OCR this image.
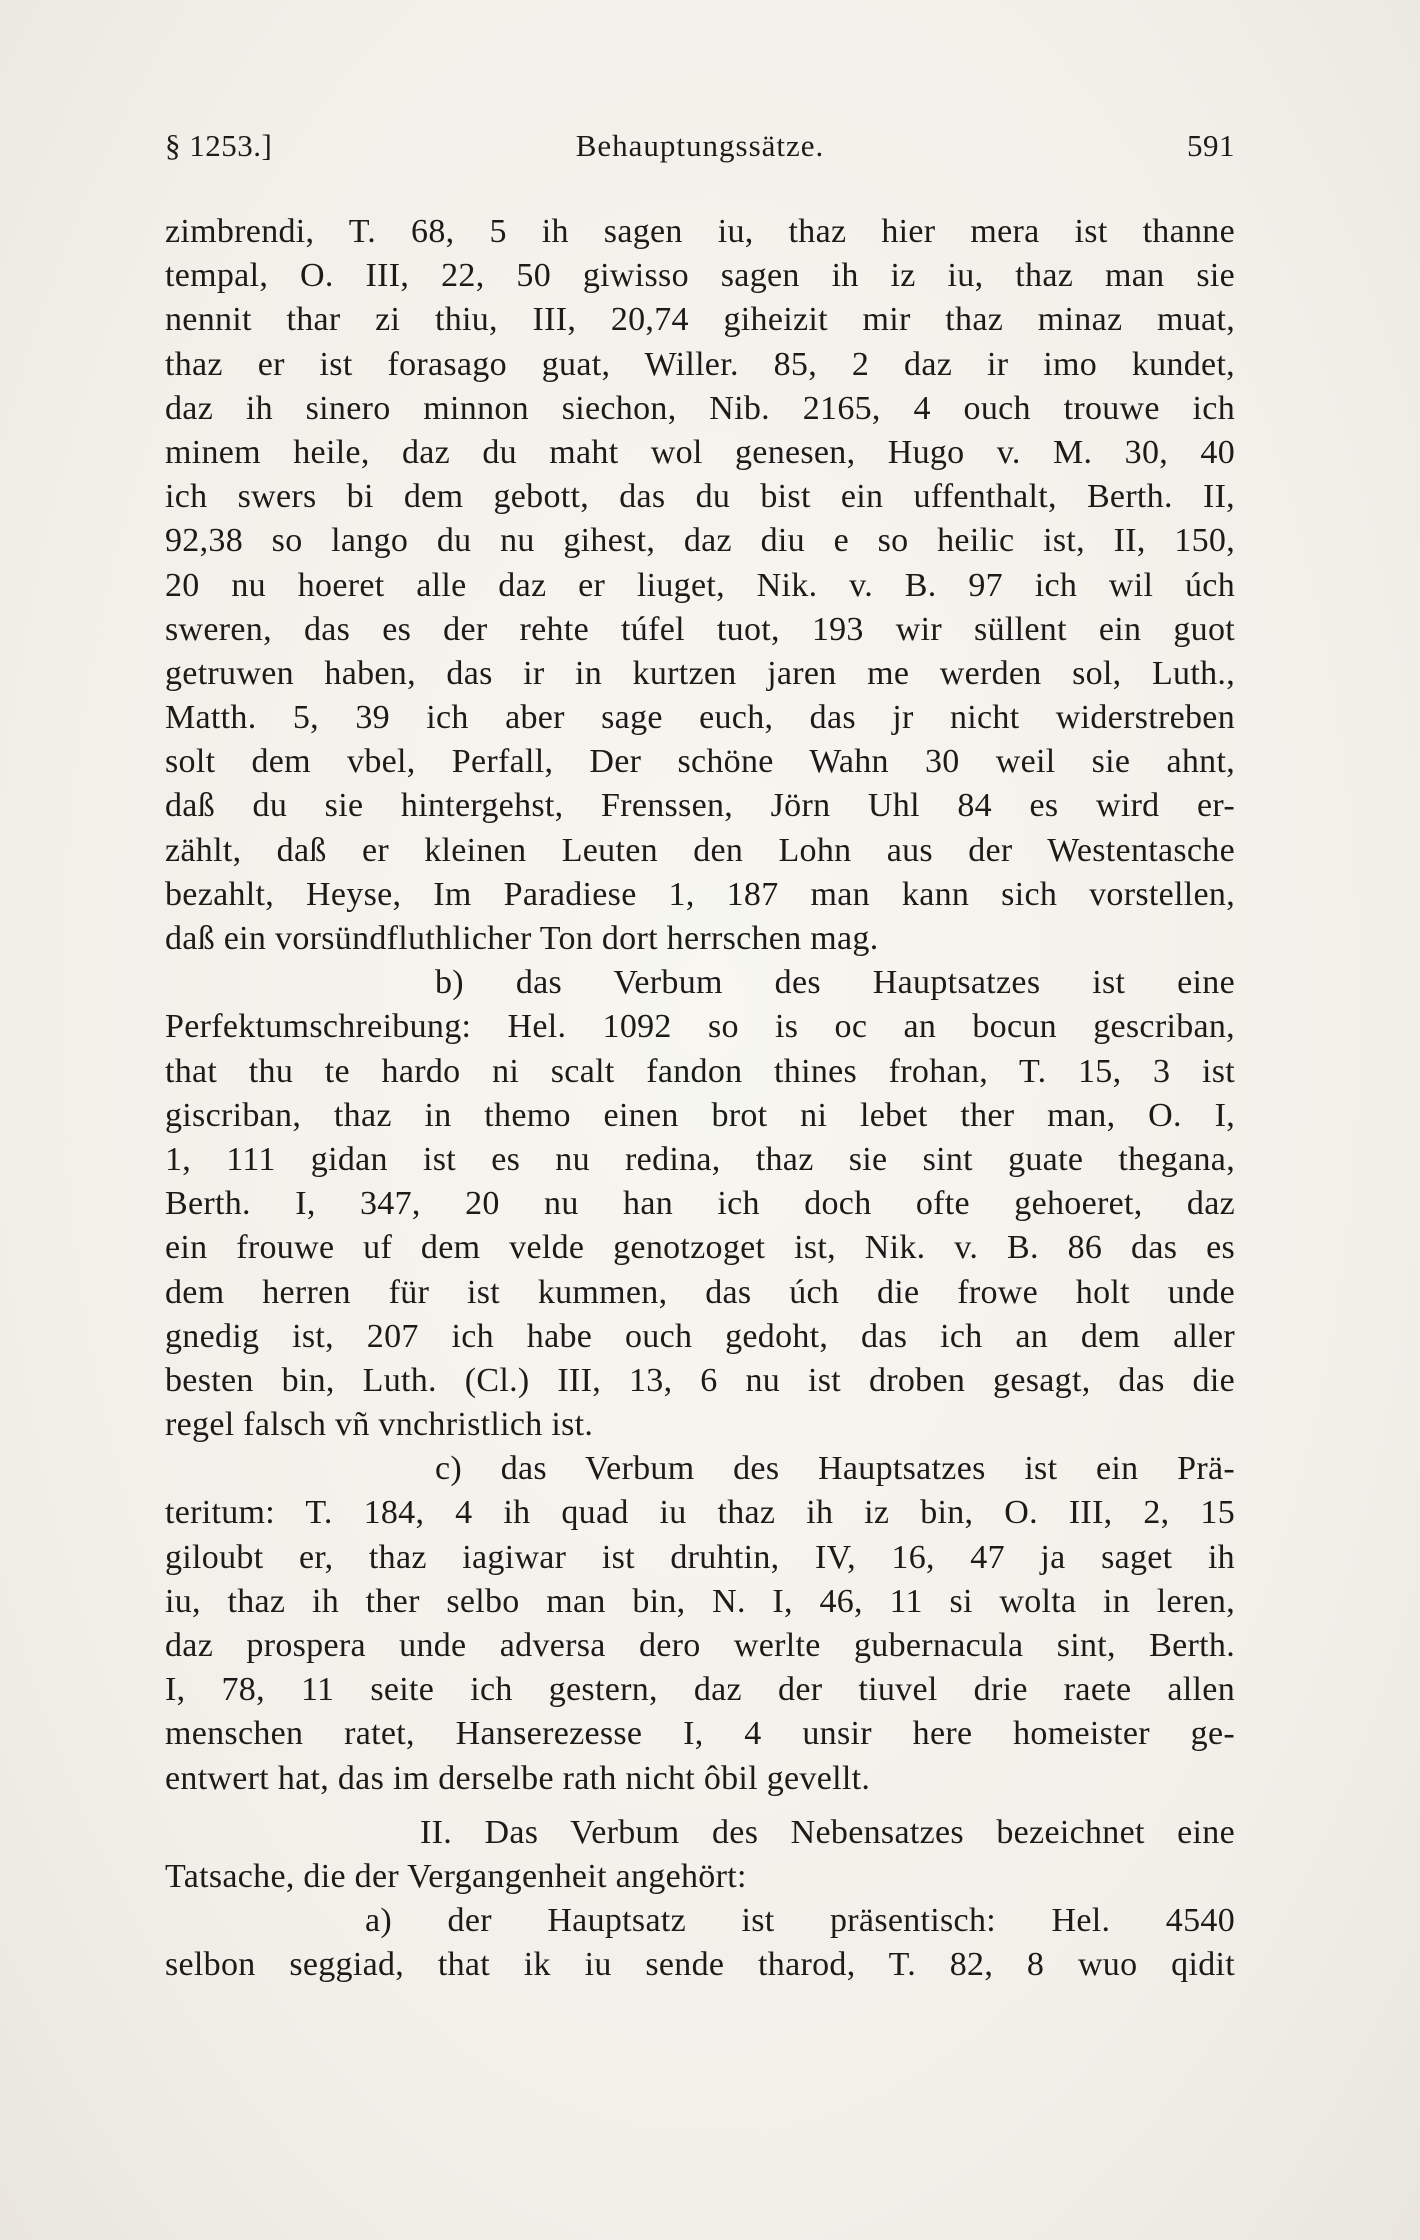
§ 1253.]	Behauptungssätze.	591
zimbrendi, T. 68, 5 ih sagen iu, thaz hier mera ist thanne
tempal, O. III, 22, 50 giwisso sagen ih iz iu, thaz man sie
nennit thar zi thiu, III, 20,74 giheizit mir thaz minaz muat,
thaz er ist forasago guat, Willer. 85, 2 daz ir imo kundet,
daz ih sinero minnon siechon, Nib. 2165, 4 ouch trouwe ich
minem heile, daz du maht wol genesen, Hugo v. M. 30, 40
ich swers bi dem gebott, das du bist ein uffenthalt, Berth. II,
92,38 so lango du nu gihest, daz diu e so heilic ist, II, 150,
20 nu hoeret alle daz er liuget, Nik. v. B. 97 ich wil úch
sweren, das es der rehte túfel tuot, 193 wir süllent ein guot
getruwen haben, das ir in kurtzen jaren me werden sol, Luth.,
Matth. 5, 39 ich aber sage euch, das jr nicht widerstreben
solt dem vbel, Perfall, Der schöne Wahn 30 weil sie ahnt,
daß du sie hintergehst, Frenssen, Jörn Uhl 84 es wird er-
zählt, daß er kleinen Leuten den Lohn aus der Westentasche
bezahlt, Heyse, Im Paradiese 1, 187 man kann sich vorstellen,
daß ein vorsündfluthlicher Ton dort herrschen mag.
b) das Verbum des Hauptsatzes ist eine
Perfektumschreibung: Hel. 1092 so is oc an bocun gescriban,
that thu te hardo ni scalt fandon thines frohan, T. 15, 3 ist
giscriban, thaz in themo einen brot ni lebet ther man, O. I,
1, 111 gidan ist es nu redina, thaz sie sint guate thegana,
Berth. I, 347, 20 nu han ich doch ofte gehoeret, daz
ein frouwe uf dem velde genotzoget ist, Nik. v. B. 86 das es
dem herren für ist kummen, das úch die frowe holt unde
gnedig ist, 207 ich habe ouch gedoht, das ich an dem aller
besten bin, Luth. (Cl.) III, 13, 6 nu ist droben gesagt, das die
regel falsch vñ vnchristlich ist.
c) das Verbum des Hauptsatzes ist ein Prä-
teritum: T. 184, 4 ih quad iu thaz ih iz bin, O. III, 2, 15
giloubt er, thaz iagiwar ist druhtin, IV, 16, 47 ja saget ih
iu, thaz ih ther selbo man bin, N. I, 46, 11 si wolta in leren,
daz prospera unde adversa dero werlte gubernacula sint, Berth.
I, 78, 11 seite ich gestern, daz der tiuvel drie raete allen
menschen ratet, Hanserezesse I, 4 unsir here homeister ge-
entwert hat, das im derselbe rath nicht ôbil gevellt.
II. Das Verbum des Nebensatzes bezeichnet eine
Tatsache, die der Vergangenheit angehört:
a) der Hauptsatz ist präsentisch: Hel. 4540
selbon seggiad, that ik iu sende tharod, T. 82, 8 wuo qidit
